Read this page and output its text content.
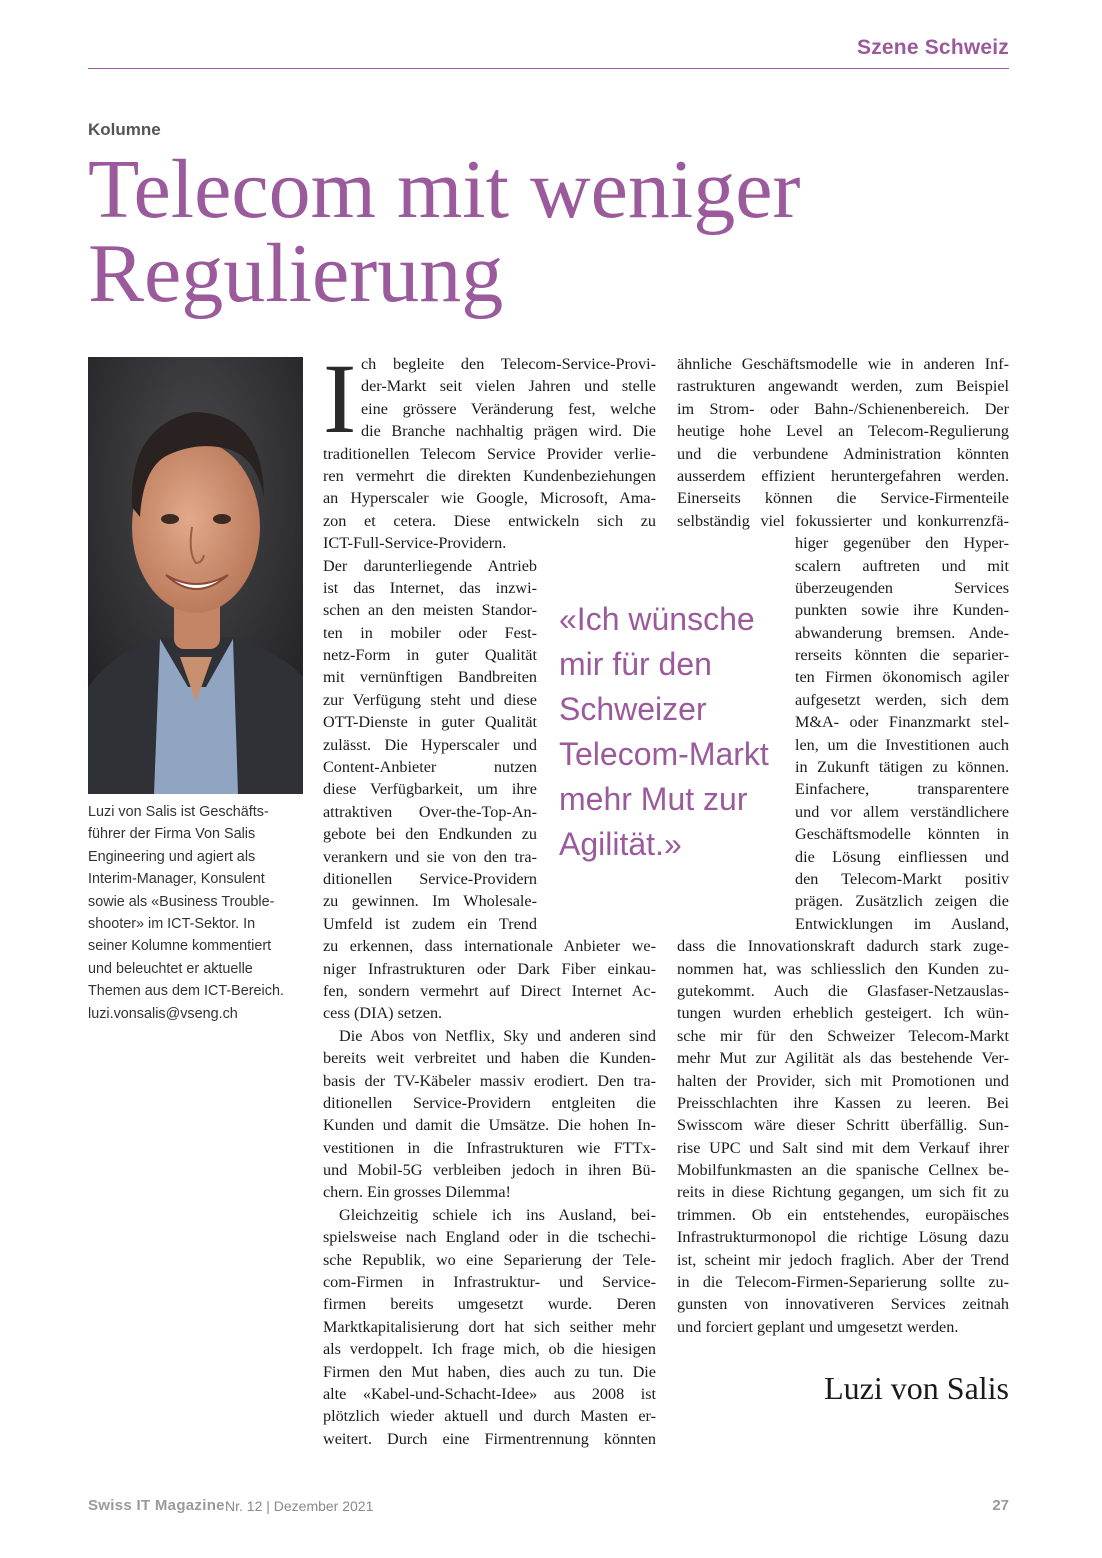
Szene Schweiz
Kolumne
Telecom mit weniger
Regulierung
Luzi von Salis ist Geschäfts-
führer der Firma Von Salis
Engineering und agiert als
Interim-Manager, Konsulent
sowie als «Business Trouble-
shooter» im ICT-Sektor. In
seiner Kolumne kommentiert
und beleuchtet er aktuelle
Themen aus dem ICT-Bereich.
luzi.vonsalis@vseng.ch
I ch begleite den Telecom-Service-Provi-
der-Markt seit vielen Jahren und stelle
eine grössere Veränderung fest, welche
die Branche nachhaltig prägen wird. Die
traditionellen Telecom Service Provider verlie-
ren vermehrt die direkten Kundenbeziehungen
an Hyperscaler wie Google, Microsoft, Ama-
zon et cetera. Diese entwickeln sich zu
ICT-Full-Service-Providern.
Der darunterliegende Antrieb
ist das Internet, das inzwi-
schen an den meisten Standor-
ten in mobiler oder Fest-
netz-Form in guter Qualität
mit vernünftigen Bandbreiten
zur Verfügung steht und diese
OTT-Dienste in guter Qualität
zulässt. Die Hyperscaler und
Content-Anbieter nutzen
diese Verfügbarkeit, um ihre
attraktiven Over-the-Top-An-
gebote bei den Endkunden zu
verankern und sie von den tra-
ditionellen Service-Providern
zu gewinnen. Im Wholesale-
Umfeld ist zudem ein Trend
zu erkennen, dass internationale Anbieter we-
niger Infrastrukturen oder Dark Fiber einkau-
fen, sondern vermehrt auf Direct Internet Ac-
cess (DIA) setzen.
Die Abos von Netflix, Sky und anderen sind
bereits weit verbreitet und haben die Kunden-
basis der TV-Käbeler massiv erodiert. Den tra-
ditionellen Service-Providern entgleiten die
Kunden und damit die Umsätze. Die hohen In-
vestitionen in die Infrastrukturen wie FTTx-
und Mobil-5G verbleiben jedoch in ihren Bü-
chern. Ein grosses Dilemma!
Gleichzeitig schiele ich ins Ausland, bei-
spielsweise nach England oder in die tschechi-
sche Republik, wo eine Separierung der Tele-
com-Firmen in Infrastruktur- und Service-
firmen bereits umgesetzt wurde. Deren
Marktkapitalisierung dort hat sich seither mehr
als verdoppelt. Ich frage mich, ob die hiesigen
Firmen den Mut haben, dies auch zu tun. Die
alte «Kabel-und-Schacht-Idee» aus 2008 ist
plötzlich wieder aktuell und durch Masten er-
weitert. Durch eine Firmentrennung könnten
ähnliche Geschäftsmodelle wie in anderen Inf-
rastrukturen angewandt werden, zum Beispiel
im Strom- oder Bahn-/Schienenbereich. Der
heutige hohe Level an Telecom-Regulierung
und die verbundene Administration könnten
ausserdem effizient heruntergefahren werden.
Einerseits können die Service-Firmenteile
selbständig viel fokussierter und konkurrenzfä-
higer gegenüber den Hyper-
scalern auftreten und mit
überzeugenden Services
punkten sowie ihre Kunden-
abwanderung bremsen. Ande-
rerseits könnten die separier-
ten Firmen ökonomisch agiler
aufgesetzt werden, sich dem
M&A- oder Finanzmarkt stel-
len, um die Investitionen auch
in Zukunft tätigen zu können.
Einfachere, transparentere
und vor allem verständlichere
Geschäftsmodelle könnten in
die Lösung einfliessen und
den Telecom-Markt positiv
prägen. Zusätzlich zeigen die
Entwicklungen im Ausland,
dass die Innovationskraft dadurch stark zuge-
nommen hat, was schliesslich den Kunden zu-
gutekommt. Auch die Glasfaser-Netzauslas-
tungen wurden erheblich gesteigert. Ich wün-
sche mir für den Schweizer Telecom-Markt
mehr Mut zur Agilität als das bestehende Ver-
halten der Provider, sich mit Promotionen und
Preisschlachten ihre Kassen zu leeren. Bei
Swisscom wäre dieser Schritt überfällig. Sun-
rise UPC und Salt sind mit dem Verkauf ihrer
Mobilfunkmasten an die spanische Cellnex be-
reits in diese Richtung gegangen, um sich fit zu
trimmen. Ob ein entstehendes, europäisches
Infrastrukturmonopol die richtige Lösung dazu
ist, scheint mir jedoch fraglich. Aber der Trend
in die Telecom-Firmen-Separierung sollte zu-
gunsten von innovativeren Services zeitnah
und forciert geplant und umgesetzt werden.
«Ich wünsche
mir für den
Schweizer
Telecom-Markt
mehr Mut zur
Agilität.»
Luzi von Salis
Swiss IT Magazine Nr. 12 | Dezember 2021	27
